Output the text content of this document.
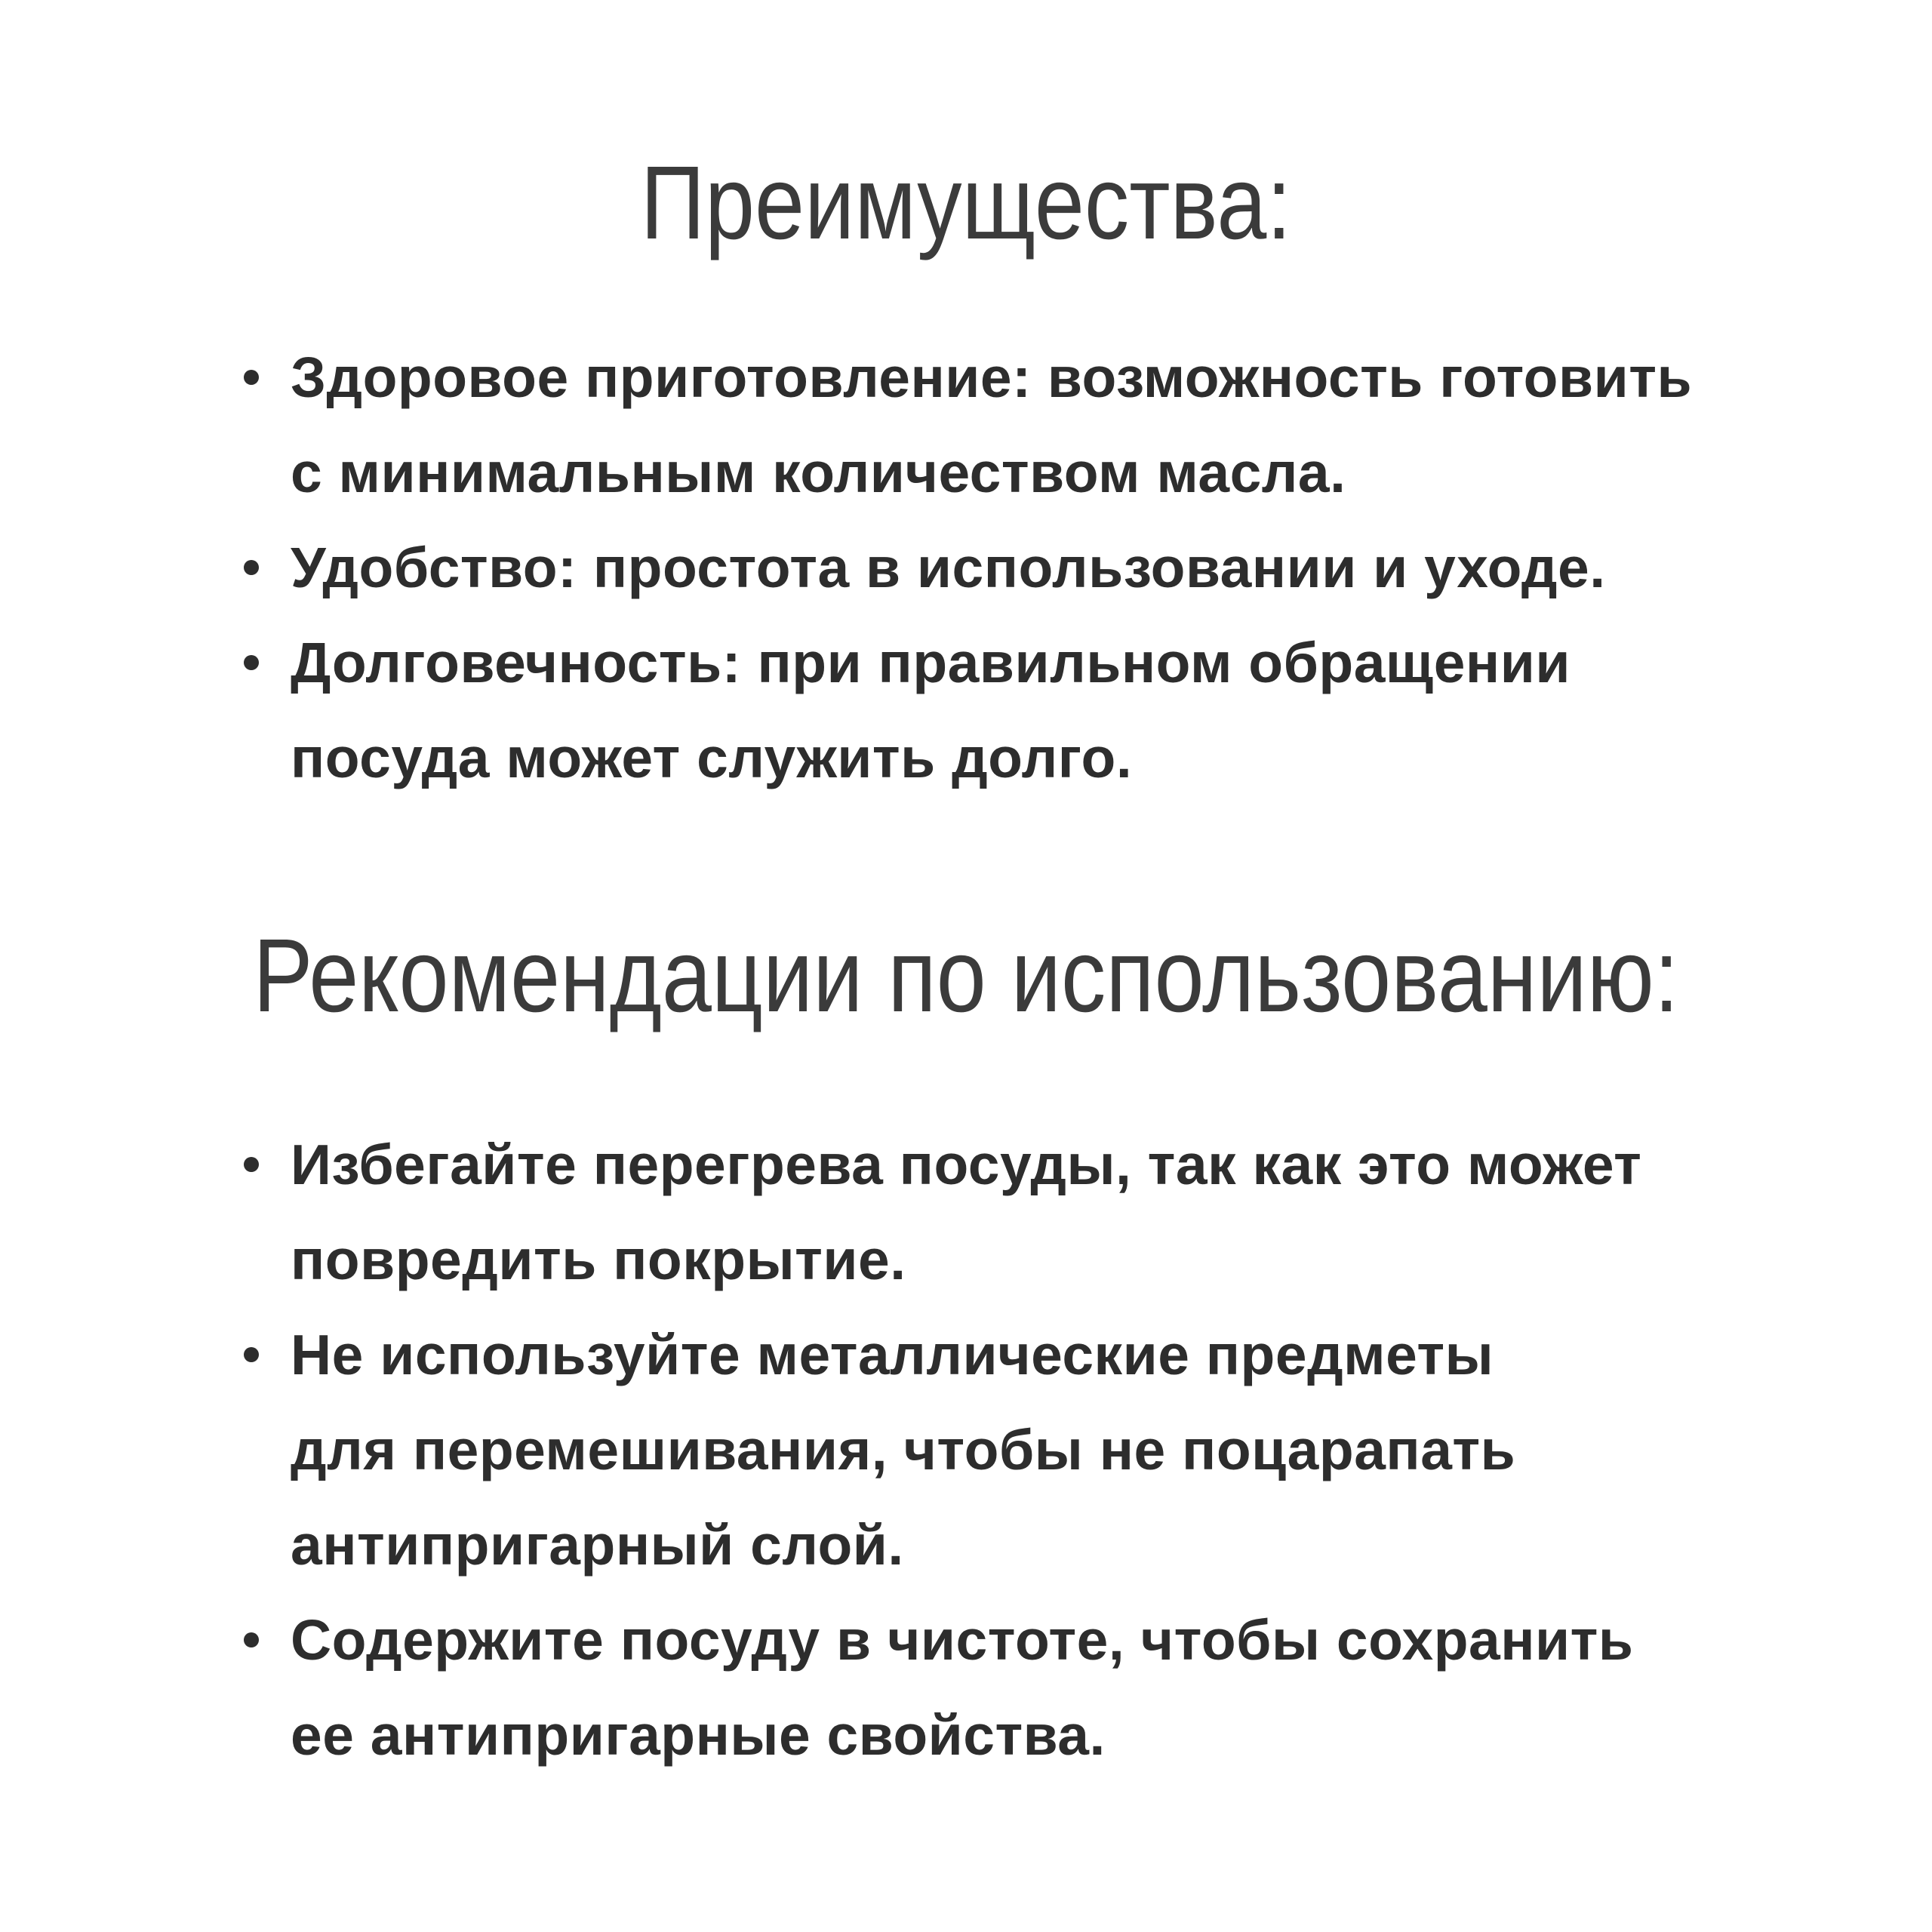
Преимущества:
Здоровое приготовление: возможность готовить
с минимальным количеством масла.
Удобство: простота в использовании и уходе.
Долговечность: при правильном обращении
посуда может служить долго.
Рекомендации по использованию:
Избегайте перегрева посуды, так как это может
повредить покрытие.
Не используйте металлические предметы
для перемешивания, чтобы не поцарапать
антипригарный слой.
Содержите посуду в чистоте, чтобы сохранить
ее антипригарные свойства.
